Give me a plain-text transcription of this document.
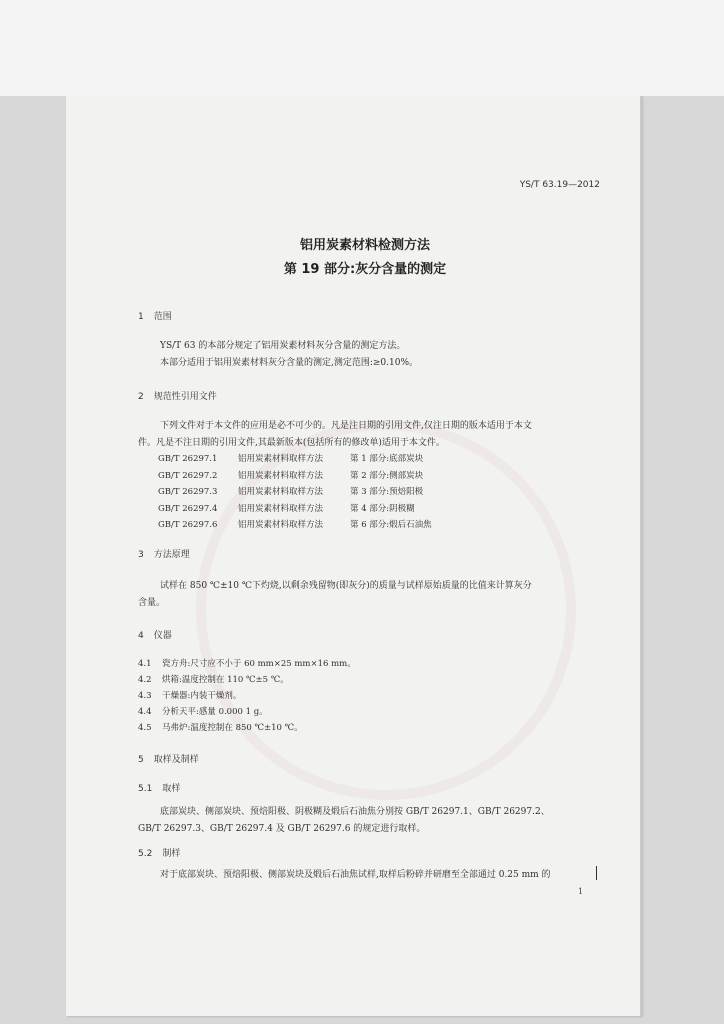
YS/T 63.19—2012
铝用炭素材料检测方法
第 19 部分:灰分含量的测定
1 范围
YS/T 63 的本部分规定了铝用炭素材料灰分含量的测定方法。
本部分适用于铝用炭素材料灰分含量的测定,测定范围:≥0.10%。
2 规范性引用文件
下列文件对于本文件的应用是必不可少的。凡是注日期的引用文件,仅注日期的版本适用于本文
件。凡是不注日期的引用文件,其最新版本(包括所有的修改单)适用于本文件。
GB/T 26297.1 铝用炭素材料取样方法	第 1 部分:底部炭块
GB/T 26297.2 铝用炭素材料取样方法	第 2 部分:侧部炭块
GB/T 26297.3 铝用炭素材料取样方法	第 3 部分:预焙阳极
GB/T 26297.4 铝用炭素材料取样方法	第 4 部分:阴极糊
GB/T 26297.6 铝用炭素材料取样方法	第 6 部分:煅后石油焦
3 方法原理
试样在 850 ℃±10 ℃下灼烧,以剩余残留物(即灰分)的质量与试样原始质量的比值来计算灰分
含量。
4 仪器
4.1 瓷方舟:尺寸应不小于 60 mm×25 mm×16 mm。
4.2 烘箱:温度控制在 110 ℃±5 ℃。
4.3 干燥器:内装干燥剂。
4.4 分析天平:感量 0.000 1 g。
4.5 马弗炉:温度控制在 850 ℃±10 ℃。
5 取样及制样
5.1 取样
底部炭块、侧部炭块、预焙阳极、阴极糊及煅后石油焦分别按 GB/T 26297.1、GB/T 26297.2、
GB/T 26297.3、GB/T 26297.4 及 GB/T 26297.6 的规定进行取样。
5.2 制样
对于底部炭块、预焙阳极、侧部炭块及煅后石油焦试样,取样后粉碎并研磨至全部通过 0.25 mm 的
1
